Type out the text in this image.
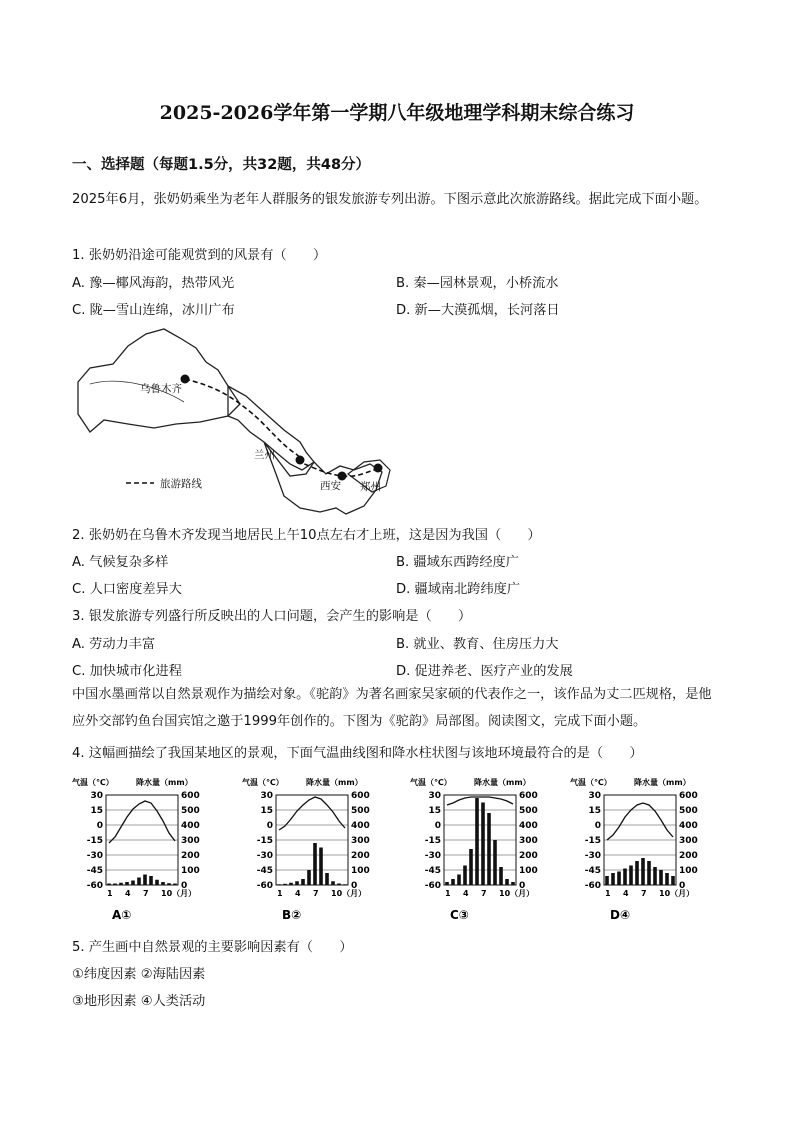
2025-2026学年第一学期八年级地理学科期末综合练习
一、选择题（每题1.5分，共32题，共48分）
2025年6月，张奶奶乘坐为老年人群服务的银发旅游专列出游。下图示意此次旅游路线。据此完成下面小题。
1. 张奶奶沿途可能观赏到的风景有（　　）
A. 豫—椰风海韵，热带风光	B. 秦—园林景观，小桥流水
C. 陇—雪山连绵，冰川广布	D. 新—大漠孤烟，长河落日
乌鲁木齐
兰州
西安 郑州
旅游路线
2. 张奶奶在乌鲁木齐发现当地居民上午10点左右才上班，这是因为我国（　　）
A. 气候复杂多样	B. 疆域东西跨经度广
C. 人口密度差异大	D. 疆域南北跨纬度广
3. 银发旅游专列盛行所反映出的人口问题，会产生的影响是（　　）
A. 劳动力丰富	B. 就业、教育、住房压力大
C. 加快城市化进程	D. 促进养老、医疗产业的发展
中国水墨画常以自然景观作为描绘对象。《驼韵》为著名画家吴家硕的代表作之一，该作品为丈二匹规格，是他应外交部钓鱼台国宾馆之邀于1999年创作的。下图为《驼韵》局部图。阅读图文，完成下面小题。
4. 这幅画描绘了我国某地区的景观，下面气温曲线图和降水柱状图与该地环境最符合的是（　　）
气温（℃）	降水量（mm）
30	600
15	500
0	400
-15	300
-30	200
-45	100
-60	0
1 4 7 10（月）
A①
气温（℃）	降水量（mm）
30	600
15	500
0	400
-15	300
-30	200
-45	100
-60	0
1 4 7 10（月）
B②
气温（℃）	降水量（mm）
30	600
15	500
0	400
-15	300
-30	200
-45	100
-60	0
1 4 7 10（月）
C③
气温（℃）	降水量（mm）
30	600
15	500
0	400
-15	300
-30	200
-45	100
-60	0
1 4 7 10（月）
D④
5. 产生画中自然景观的主要影响因素有（　　）
①纬度因素 ②海陆因素
③地形因素 ④人类活动
